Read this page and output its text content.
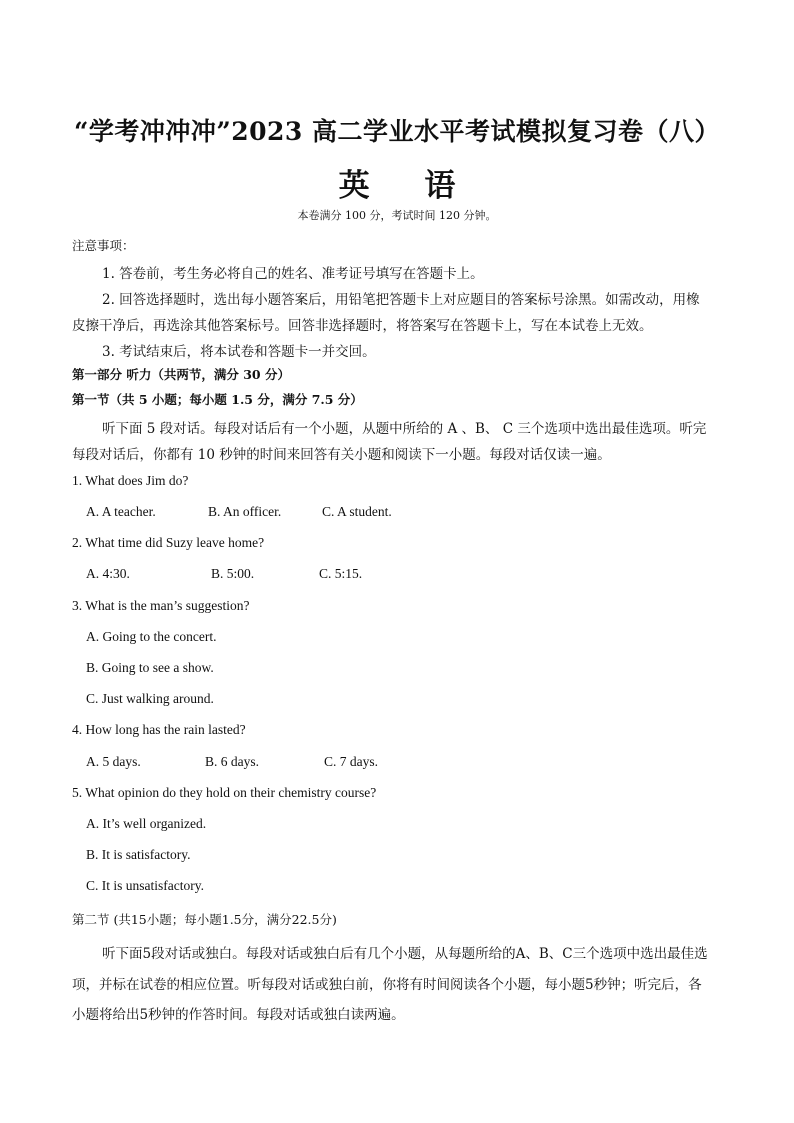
“学考冲冲冲”2023 高二学业水平考试模拟复习卷（八）
英 语
本卷满分 100 分，考试时间 120 分钟。
注意事项：
1. 答卷前，考生务必将自己的姓名、准考证号填写在答题卡上。
2. 回答选择题时，选出每小题答案后，用铅笔把答题卡上对应题目的答案标号涂黑。如需改动，用橡
皮擦干净后，再选涂其他答案标号。回答非选择题时，将答案写在答题卡上，写在本试卷上无效。
3. 考试结束后，将本试卷和答题卡一并交回。
第一部分 听力（共两节，满分 30 分）
第一节（共 5 小题；每小题 1.5 分，满分 7.5 分）
听下面 5 段对话。每段对话后有一个小题，从题中所给的 A 、B、 C 三个选项中选出最佳选项。听完
每段对话后，你都有 10 秒钟的时间来回答有关小题和阅读下一小题。每段对话仅读一遍。
1. What does Jim do?
A. A teacher.	B. An officer.	C. A student.
2. What time did Suzy leave home?
A. 4:30.	B. 5:00.	C. 5:15.
3. What is the man’s suggestion?
A. Going to the concert.
B. Going to see a show.
C. Just walking around.
4. How long has the rain lasted?
A. 5 days.	B. 6 days.	C. 7 days.
5. What opinion do they hold on their chemistry course?
A. It’s well organized.
B. It is satisfactory.
C. It is unsatisfactory.
第二节 (共15小题；每小题1.5分，满分22.5分)
听下面5段对话或独白。每段对话或独白后有几个小题，从每题所给的A、B、C三个选项中选出最佳选
项，并标在试卷的相应位置。听每段对话或独白前，你将有时间阅读各个小题，每小题5秒钟；听完后，各
小题将给出5秒钟的作答时间。每段对话或独白读两遍。
